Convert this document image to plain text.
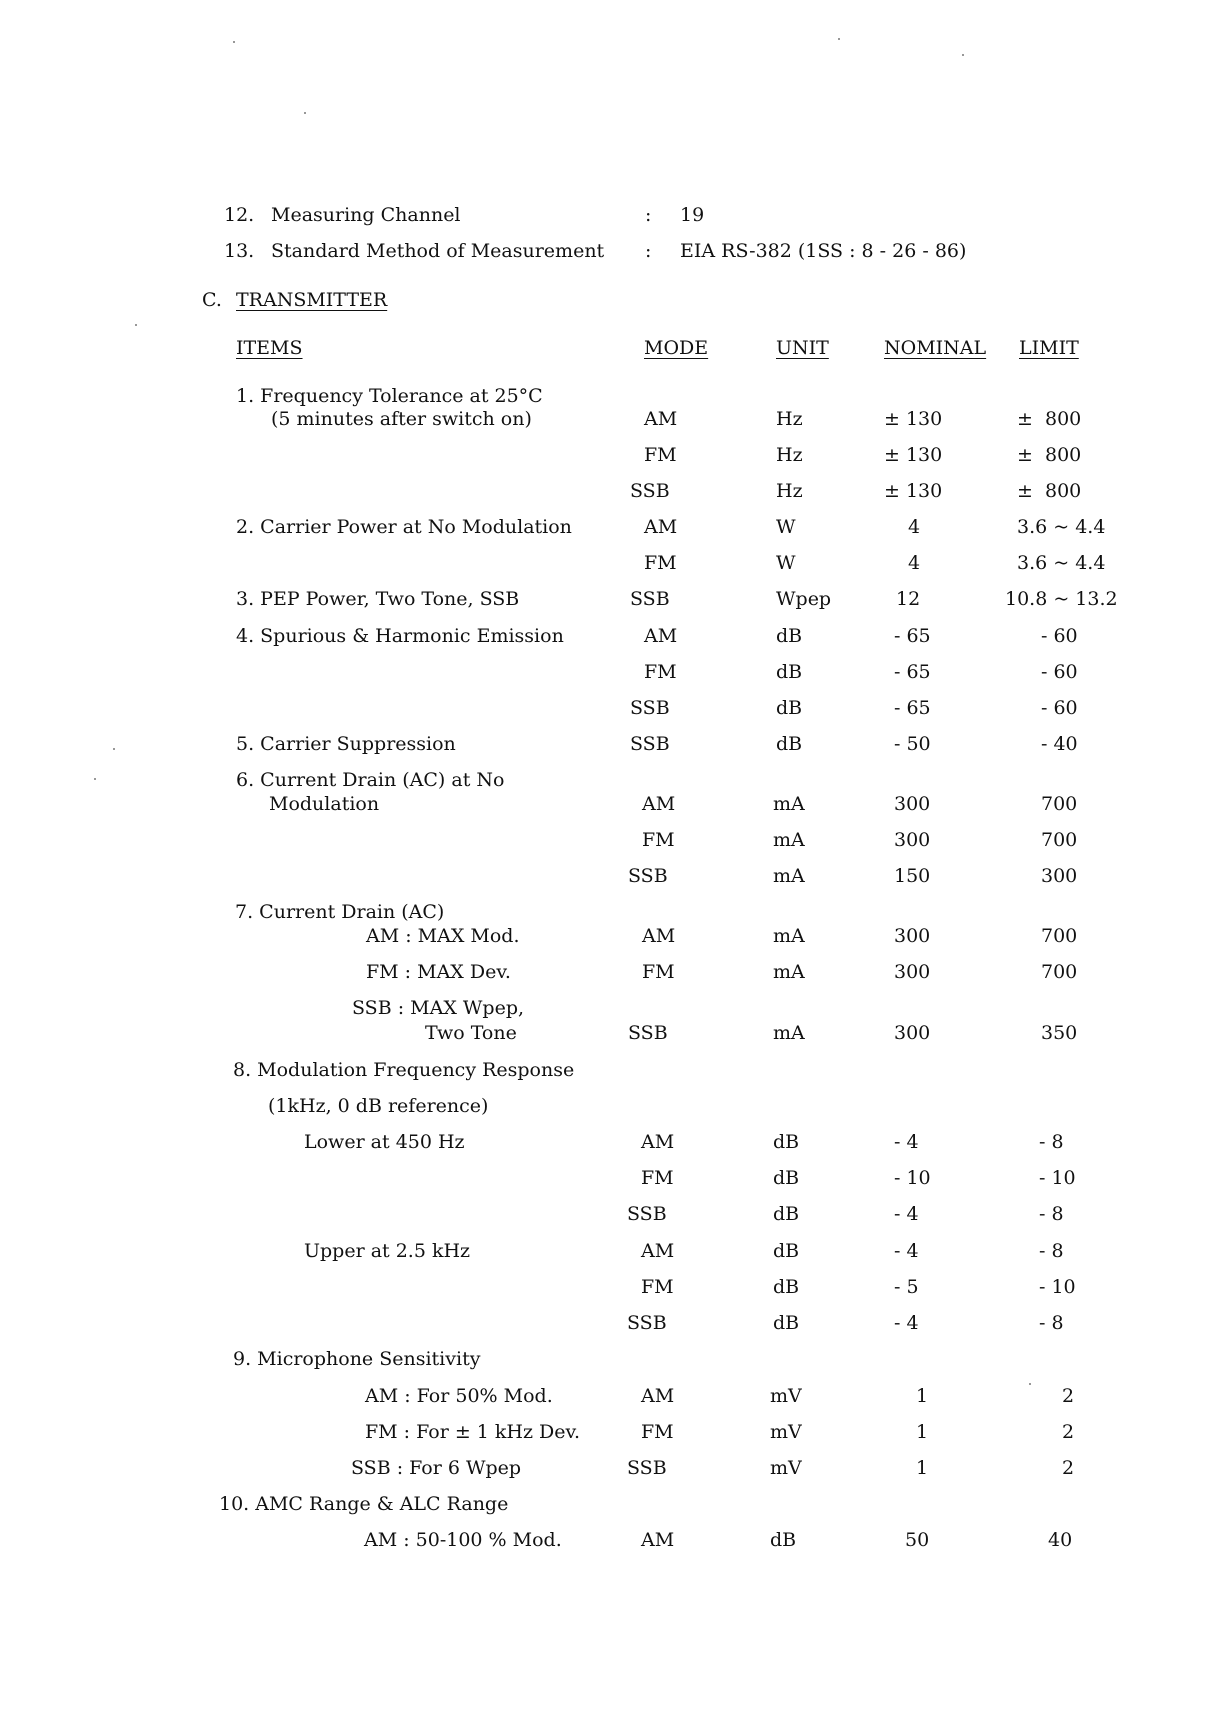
12. Measuring Channel	: 19
13. Standard Method of Measurement : EIA RS-382 (1SS : 8 - 26 - 86)
C. TRANSMITTER
ITEMS	MODE	UNIT	NOMINAL LIMIT
1. Frequency Tolerance at 25°C
(5 minutes after switch on)	AM	Hz	± 130	±  800
FM	Hz	± 130	±  800
SSB	Hz	± 130	±  800
2. Carrier Power at No Modulation	AM	W	4	3.6 ~ 4.4
FM	W	4	3.6 ~ 4.4
3. PEP Power, Two Tone, SSB	SSB	Wpep	12	10.8 ~ 13.2
4. Spurious & Harmonic Emission	AM	dB	- 65	- 60
FM	dB	- 65	- 60
SSB	dB	- 65	- 60
5. Carrier Suppression	SSB	dB	- 50	- 40
6. Current Drain (AC) at No
Modulation	AM	mA	300	700
FM	mA	300	700
SSB	mA	150	300
7. Current Drain (AC)
AM : MAX Mod.	AM	mA	300	700
FM : MAX Dev.	FM	mA	300	700
SSB : MAX Wpep,
Two Tone	SSB	mA	300	350
8. Modulation Frequency Response
(1kHz, 0 dB reference)
Lower at 450 Hz	AM	dB	- 4	- 8
FM	dB	- 10	- 10
SSB	dB	- 4	- 8
Upper at 2.5 kHz	AM	dB	- 4	- 8
FM	dB	- 5	- 10
SSB	dB	- 4	- 8
9. Microphone Sensitivity
AM : For 50% Mod.	AM	mV	1	2
FM : For ± 1 kHz Dev.	FM	mV	1	2
SSB : For 6 Wpep	SSB	mV	1	2
10. AMC Range & ALC Range
AM : 50-100 % Mod.	AM	dB	50	40
